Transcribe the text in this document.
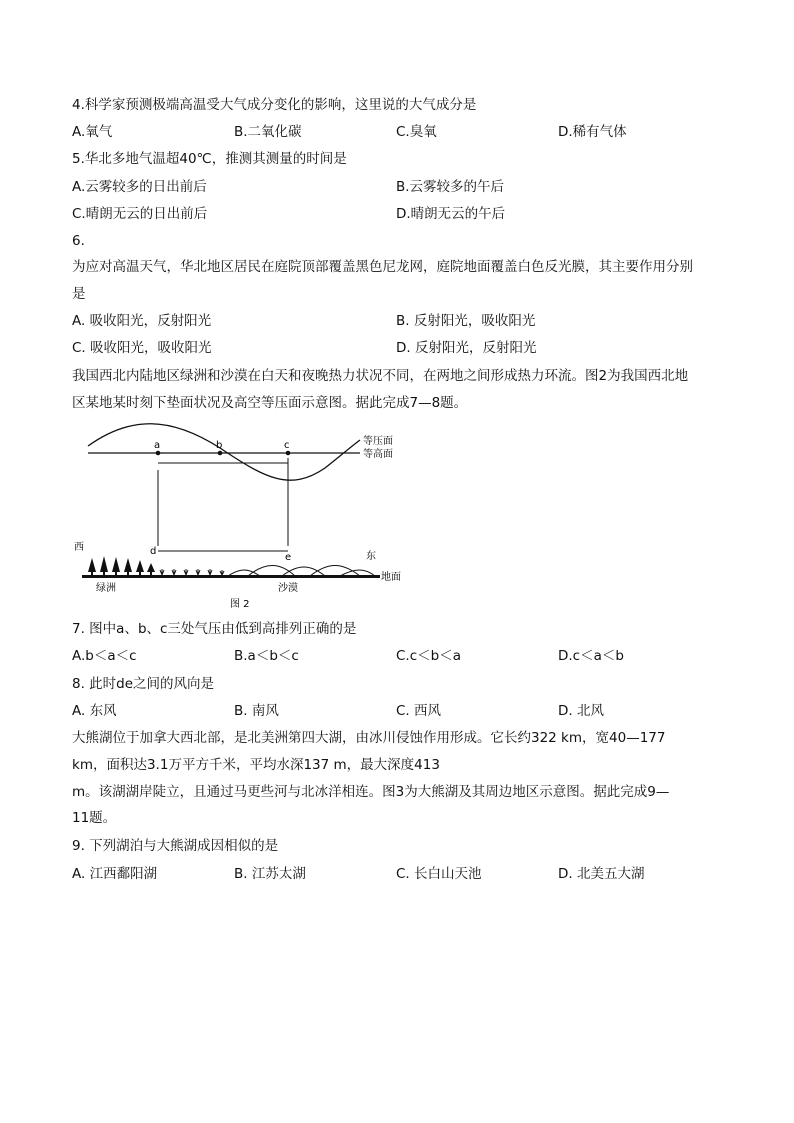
4.科学家预测极端高温受大气成分变化的影响，这里说的大气成分是
A.氧气	B.二氧化碳	C.臭氧	D.稀有气体
5.华北多地气温超40℃，推测其测量的时间是
A.云雾较多的日出前后	B.云雾较多的午后
C.晴朗无云的日出前后	D.晴朗无云的午后
6.
为应对高温天气，华北地区居民在庭院顶部覆盖黑色尼龙网，庭院地面覆盖白色反光膜，其主要作用分别
是
A. 吸收阳光，反射阳光	B. 反射阳光，吸收阳光
C. 吸收阳光，吸收阳光	D. 反射阳光，反射阳光
我国西北内陆地区绿洲和沙漠在白天和夜晚热力状况不同，在两地之间形成热力环流。图2为我国西北地
区某地某时刻下垫面状况及高空等压面示意图。据此完成7—8题。
a	b	c
d
e
等压面
等高面
西
东
地面
绿洲	沙漠
图 2
7. 图中a、b、c三处气压由低到高排列正确的是
A.b＜a＜c	B.a＜b＜c	C.c＜b＜a	D.c＜a＜b
8. 此时de之间的风向是
A. 东风	B. 南风	C. 西风	D. 北风
大熊湖位于加拿大西北部，是北美洲第四大湖，由冰川侵蚀作用形成。它长约322 km，宽40—177
km，面积达3.1万平方千米，平均水深137 m，最大深度413
m。该湖湖岸陡立，且通过马更些河与北冰洋相连。图3为大熊湖及其周边地区示意图。据此完成9—
11题。
9. 下列湖泊与大熊湖成因相似的是
A. 江西鄱阳湖	B. 江苏太湖	C. 长白山天池	D. 北美五大湖
